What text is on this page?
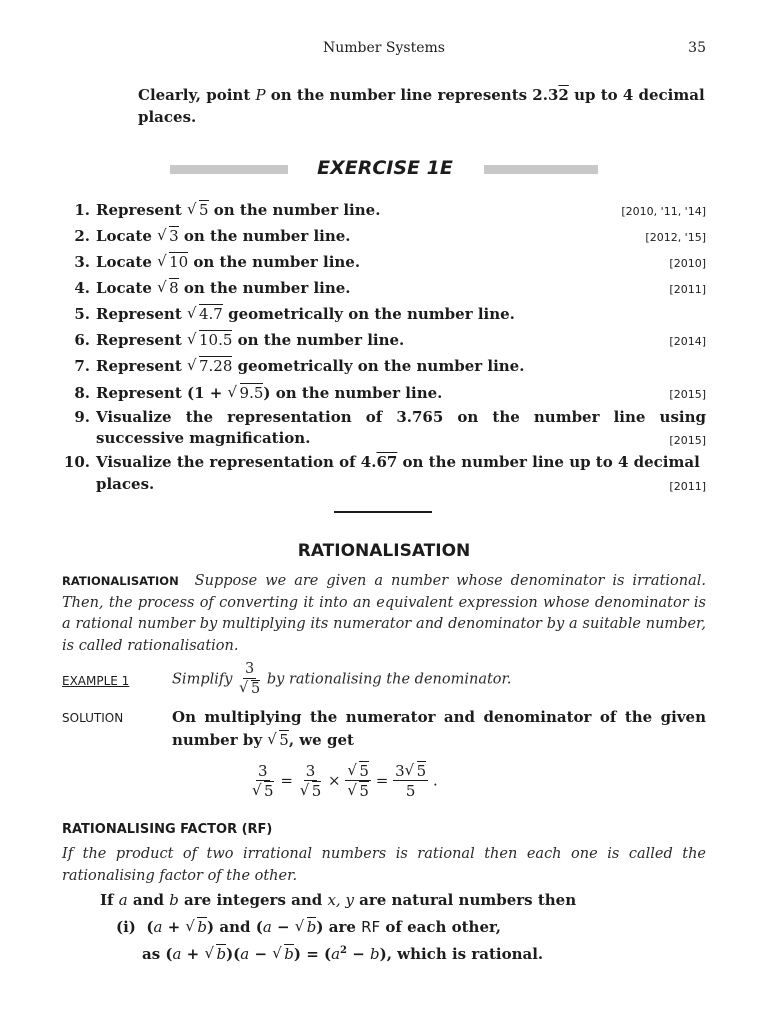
Number Systems	35
Clearly, point P on the number line represents 2.32 up to 4 decimal places.
EXERCISE 1E
1. Represent √ 5 on the number line.	[2010, '11, '14]
2. Locate √ 3 on the number line.	[2012, '15]
3. Locate √ 10 on the number line.	[2010]
4. Locate √ 8 on the number line.	[2011]
5. Represent √ 4.7 geometrically on the number line.
6. Represent √ 10.5 on the number line.	[2014]
7. Represent √ 7.28 geometrically on the number line.
8. Represent (1 + √ 9.5) on the number line.	[2015]
9. Visualize the representation of 3.765 on the number line using
successive magnification.	[2015]
10. Visualize the representation of 4.67 on the number line up to 4 decimal
places.	[2011]
RATIONALISATION
RATIONALISATION Suppose we are given a number whose denominator is irrational. Then, the process of converting it into an equivalent expression whose denominator is a rational number by multiplying its numerator and denominator by a suitable number, is called rationalisation.
EXAMPLE 1	Simplify 3
√ 5 by rationalising the denominator.
SOLUTION	On multiplying the numerator and denominator of the given number by √ 5, we get
3
√ 5 = 3
√ 5 × √ 5
√ $5 = \frac{3 √ 5}{5}$ .
RATIONALISING FACTOR (RF)
If the product of two irrational numbers is rational then each one is called the rationalising factor of the other.
If a and b are integers and x, y are natural numbers then
(i)  (a + √ b) and (a − √ b) are RF of each other,
as (a + √ b)(a − √ $b) = (a^2 - b)$, which is rational.
